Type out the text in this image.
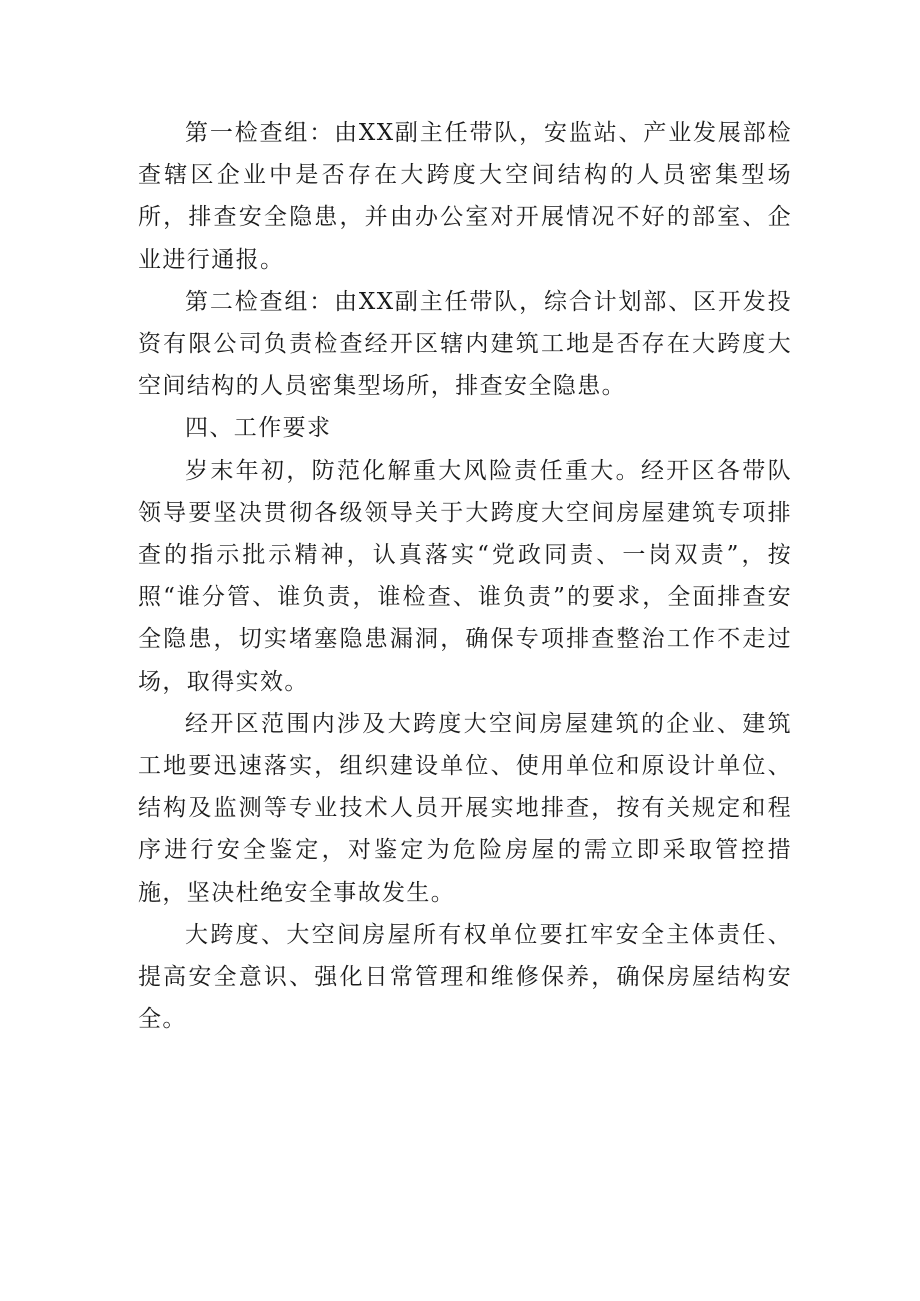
第一检查组：由XX副主任带队，安监站、产业发展部检查辖区企业中是否存在大跨度大空间结构的人员密集型场所，排查安全隐患，并由办公室对开展情况不好的部室、企业进行通报。

第二检查组：由XX副主任带队，综合计划部、区开发投资有限公司负责检查经开区辖内建筑工地是否存在大跨度大空间结构的人员密集型场所，排查安全隐患。

四、工作要求

岁末年初，防范化解重大风险责任重大。经开区各带队领导要坚决贯彻各级领导关于大跨度大空间房屋建筑专项排查的指示批示精神，认真落实“党政同责、一岗双责”，按照“谁分管、谁负责，谁检查、谁负责”的要求，全面排查安全隐患，切实堵塞隐患漏洞，确保专项排查整治工作不走过场，取得实效。

经开区范围内涉及大跨度大空间房屋建筑的企业、建筑工地要迅速落实，组织建设单位、使用单位和原设计单位、结构及监测等专业技术人员开展实地排查，按有关规定和程序进行安全鉴定，对鉴定为危险房屋的需立即采取管控措施，坚决杜绝安全事故发生。

大跨度、大空间房屋所有权单位要扛牢安全主体责任、提高安全意识、强化日常管理和维修保养，确保房屋结构安全。
